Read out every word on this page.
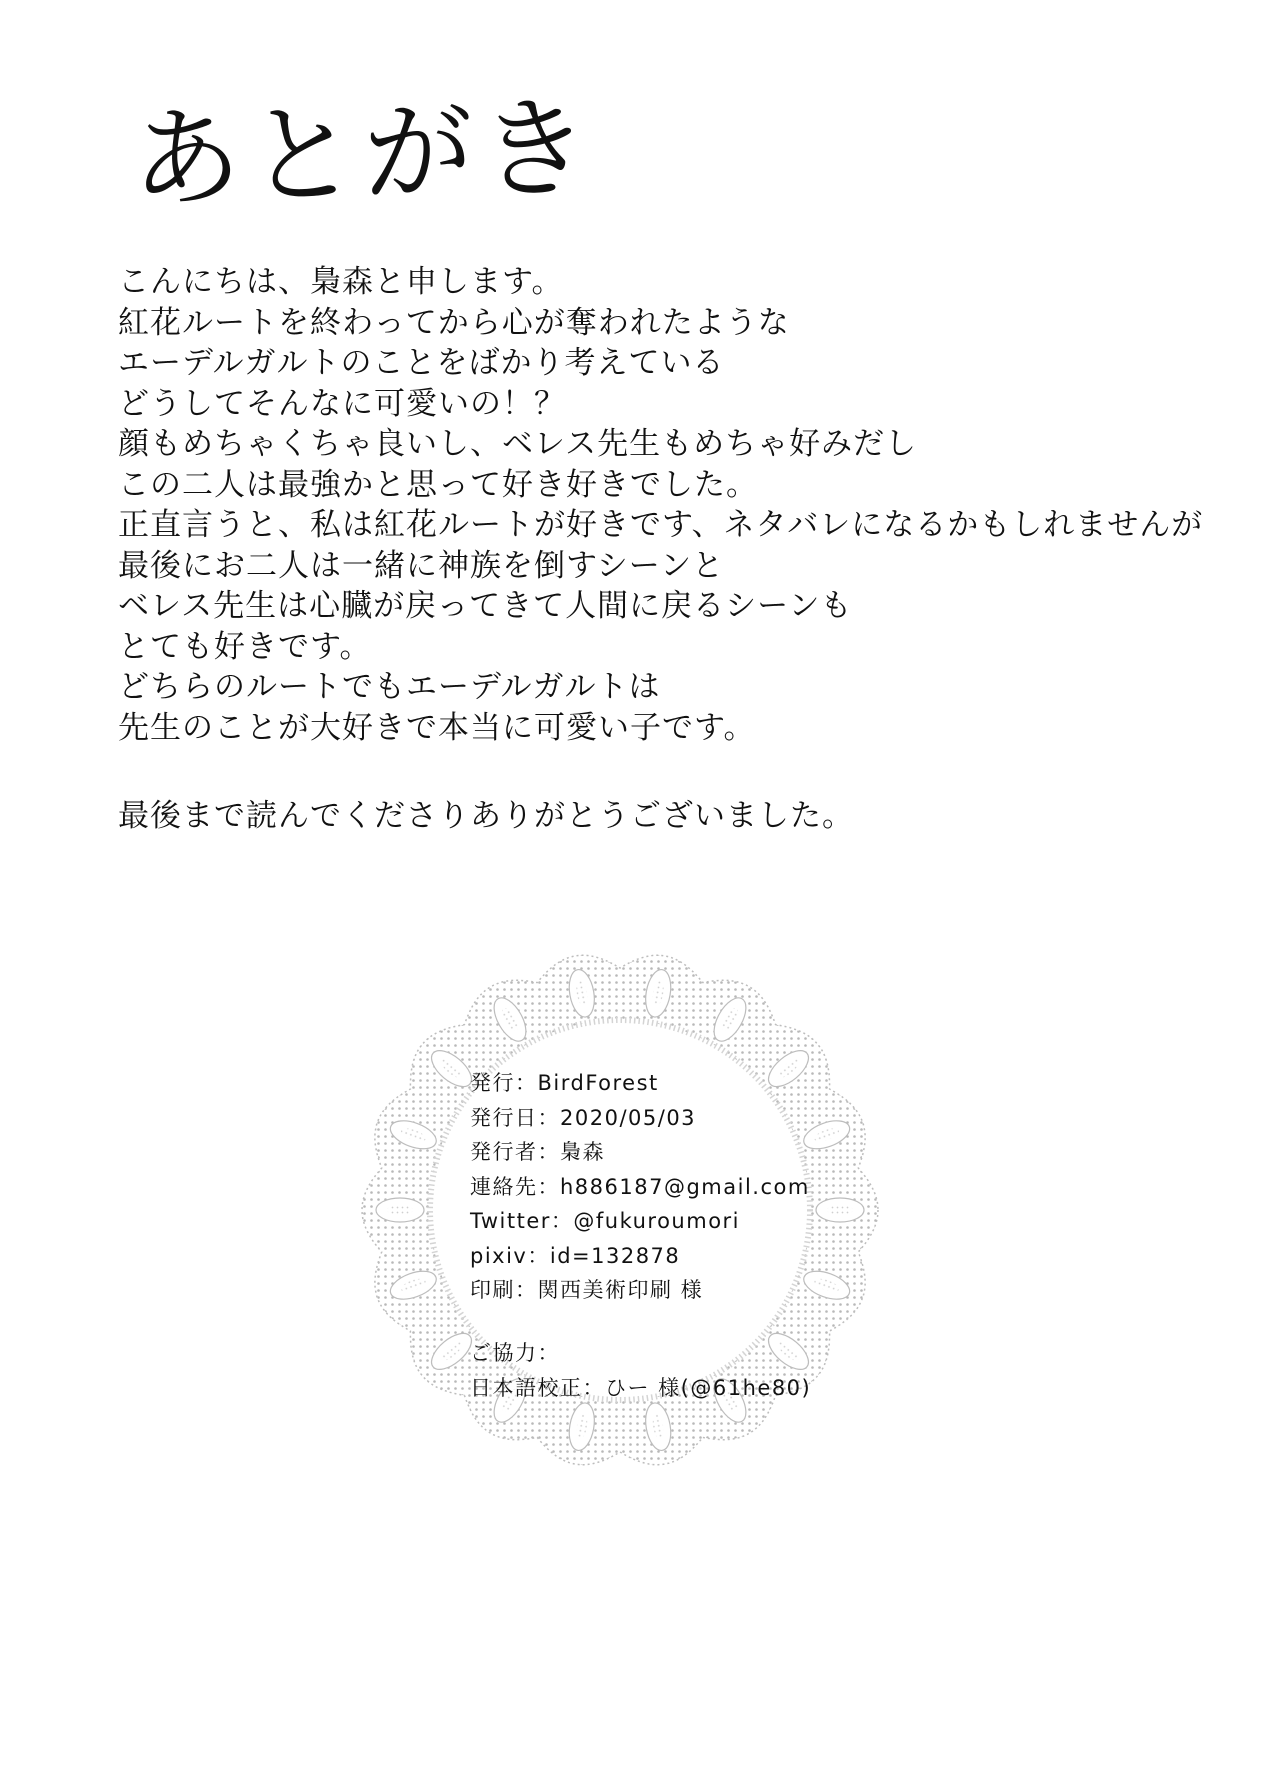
あとがき
こんにちは、梟森と申します。
紅花ルートを終わってから心が奪われたような
エーデルガルトのことをばかり考えている
どうしてそんなに可愛いの！？
顔もめちゃくちゃ良いし、ベレス先生もめちゃ好みだし
この二人は最強かと思って好き好きでした。
正直言うと、私は紅花ルートが好きです、ネタバレになるかもしれませんが
最後にお二人は一緒に神族を倒すシーンと
ベレス先生は心臓が戻ってきて人間に戻るシーンも
とても好きです。
どちらのルートでもエーデルガルトは
先生のことが大好きで本当に可愛い子です。
最後まで読んでくださりありがとうございました。
発行：BirdForest
発行日：2020/05/03
発行者：梟森
連絡先：h886187@gmail.com
Twitter：@fukuroumori
pixiv：id=132878
印刷：関西美術印刷 様
ご協力：
日本語校正：ひー 様(@61he80)
